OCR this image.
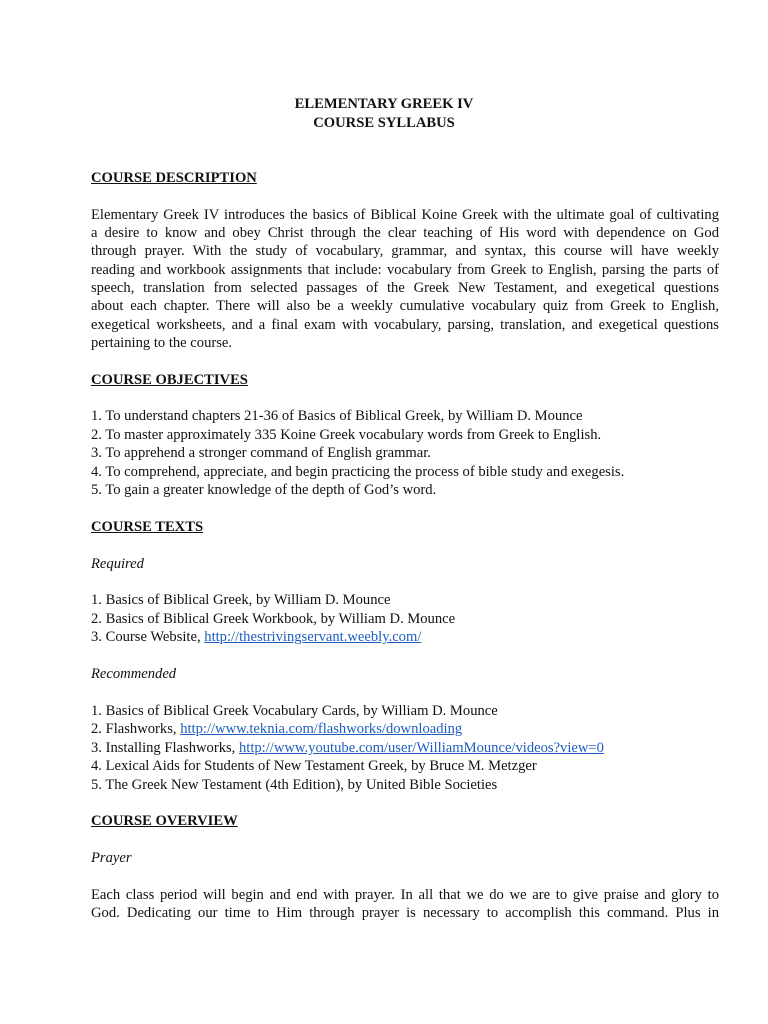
ELEMENTARY GREEK IV
COURSE SYLLABUS
COURSE DESCRIPTION
Elementary Greek IV introduces the basics of Biblical Koine Greek with the ultimate goal of cultivating
a desire to know and obey Christ through the clear teaching of His word with dependence on God
through prayer. With the study of vocabulary, grammar, and syntax, this course will have weekly
reading and workbook assignments that include: vocabulary from Greek to English, parsing the parts of
speech, translation from selected passages of the Greek New Testament, and exegetical questions
about each chapter. There will also be a weekly cumulative vocabulary quiz from Greek to English,
exegetical worksheets, and a final exam with vocabulary, parsing, translation, and exegetical questions
pertaining to the course.
COURSE OBJECTIVES
1. To understand chapters 21-36 of Basics of Biblical Greek, by William D. Mounce
2. To master approximately 335 Koine Greek vocabulary words from Greek to English.
3. To apprehend a stronger command of English grammar.
4. To comprehend, appreciate, and begin practicing the process of bible study and exegesis.
5. To gain a greater knowledge of the depth of God’s word.
COURSE TEXTS
Required
1. Basics of Biblical Greek, by William D. Mounce
2. Basics of Biblical Greek Workbook, by William D. Mounce
3. Course Website, http://thestrivingservant.weebly.com/
Recommended
1. Basics of Biblical Greek Vocabulary Cards, by William D. Mounce
2. Flashworks, http://www.teknia.com/flashworks/downloading
3. Installing Flashworks, http://www.youtube.com/user/WilliamMounce/videos?view=0
4. Lexical Aids for Students of New Testament Greek, by Bruce M. Metzger
5. The Greek New Testament (4th Edition), by United Bible Societies
COURSE OVERVIEW
Prayer
Each class period will begin and end with prayer. In all that we do we are to give praise and glory to
God. Dedicating our time to Him through prayer is necessary to accomplish this command. Plus in
